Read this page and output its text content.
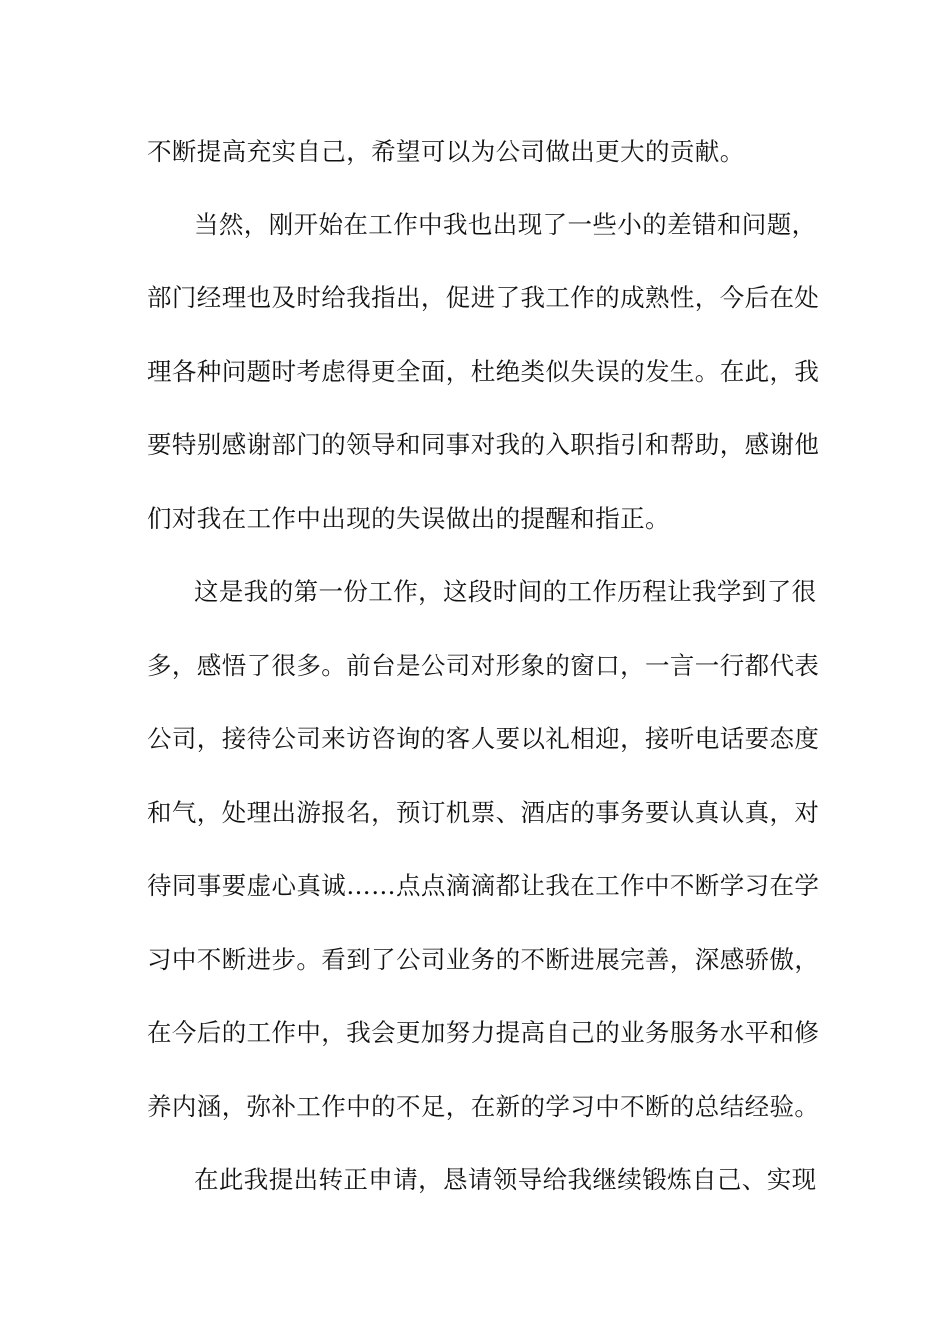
不断提高充实自己，希望可以为公司做出更大的贡献。
当然，刚开始在工作中我也出现了一些小的差错和问题，
部门经理也及时给我指出，促进了我工作的成熟性，今后在处
理各种问题时考虑得更全面，杜绝类似失误的发生。在此，我
要特别感谢部门的领导和同事对我的入职指引和帮助，感谢他
们对我在工作中出现的失误做出的提醒和指正。
这是我的第一份工作，这段时间的工作历程让我学到了很
多，感悟了很多。前台是公司对形象的窗口，一言一行都代表
公司，接待公司来访咨询的客人要以礼相迎，接听电话要态度
和气，处理出游报名，预订机票、酒店的事务要认真认真，对
待同事要虚心真诚……点点滴滴都让我在工作中不断学习在学
习中不断进步。看到了公司业务的不断进展完善，深感骄傲，
在今后的工作中，我会更加努力提高自己的业务服务水平和修
养内涵，弥补工作中的不足，在新的学习中不断的总结经验。
在此我提出转正申请，恳请领导给我继续锻炼自己、实现
